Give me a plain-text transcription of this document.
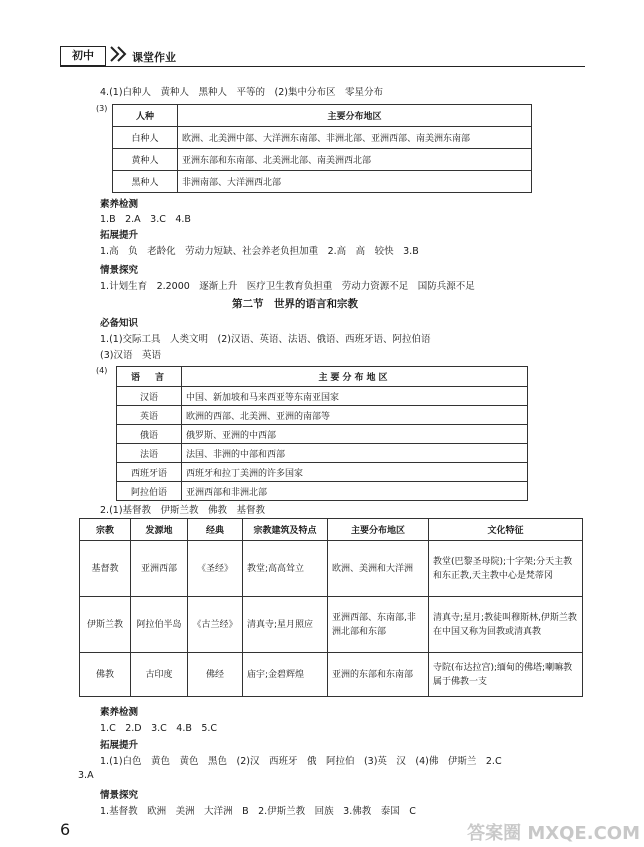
初中	课堂作业
4.(1)白种人　黄种人　黑种人　平等的　(2)集中分布区　零星分布
(3)
人种	主要分布地区
白种人	欧洲、北美洲中部、大洋洲东南部、非洲北部、亚洲西部、南美洲东南部
黄种人	亚洲东部和东南部、北美洲北部、南美洲西北部
黑种人	非洲南部、大洋洲西北部
素养检测
1.B　2.A　3.C　4.B
拓展提升
1.高　负　老龄化　劳动力短缺、社会养老负担加重　2.高　高　较快　3.B
情景探究
1.计划生育　2.2000　逐渐上升　医疗卫生教育负担重　劳动力资源不足　国防兵源不足
第二节　世界的语言和宗教
必备知识
1.(1)交际工具　人类文明　(2)汉语、英语、法语、俄语、西班牙语、阿拉伯语
(3)汉语　英语
(4)
语　言	主要分布地区
汉语	中国、新加坡和马来西亚等东南亚国家
英语	欧洲的西部、北美洲、亚洲的南部等
俄语	俄罗斯、亚洲的中西部
法语	法国、非洲的中部和西部
西班牙语	西班牙和拉丁美洲的许多国家
阿拉伯语	亚洲西部和非洲北部
2.(1)基督教　伊斯兰教　佛教　基督教
宗教	发源地	经典	宗教建筑及特点	主要分布地区	文化特征
基督教	亚洲西部	《圣经》	教堂;高高耸立	欧洲、美洲和大洋洲	教堂(巴黎圣母院);十字架;分天主教和东正教,天主教中心是梵蒂冈
伊斯兰教	阿拉伯半岛	《古兰经》	清真寺;星月照应	亚洲西部、东南部,非洲北部和东部	清真寺;星月;教徒叫穆斯林,伊斯兰教在中国又称为回教或清真教
佛教	古印度	佛经	庙宇;金碧辉煌	亚洲的东部和东南部	寺院(布达拉宫);缅甸的佛塔;喇嘛教属于佛教一支
素养检测
1.C　2.D　3.C　4.B　5.C
拓展提升
1.(1)白色　黄色　黄色　黑色　(2)汉　西班牙　俄　阿拉伯　(3)英　汉　(4)佛　伊斯兰　2.C
3.A
情景探究
1.基督教　欧洲　美洲　大洋洲　B　2.伊斯兰教　回族　3.佛教　泰国　C
6	答案圈 MXQE.COM
